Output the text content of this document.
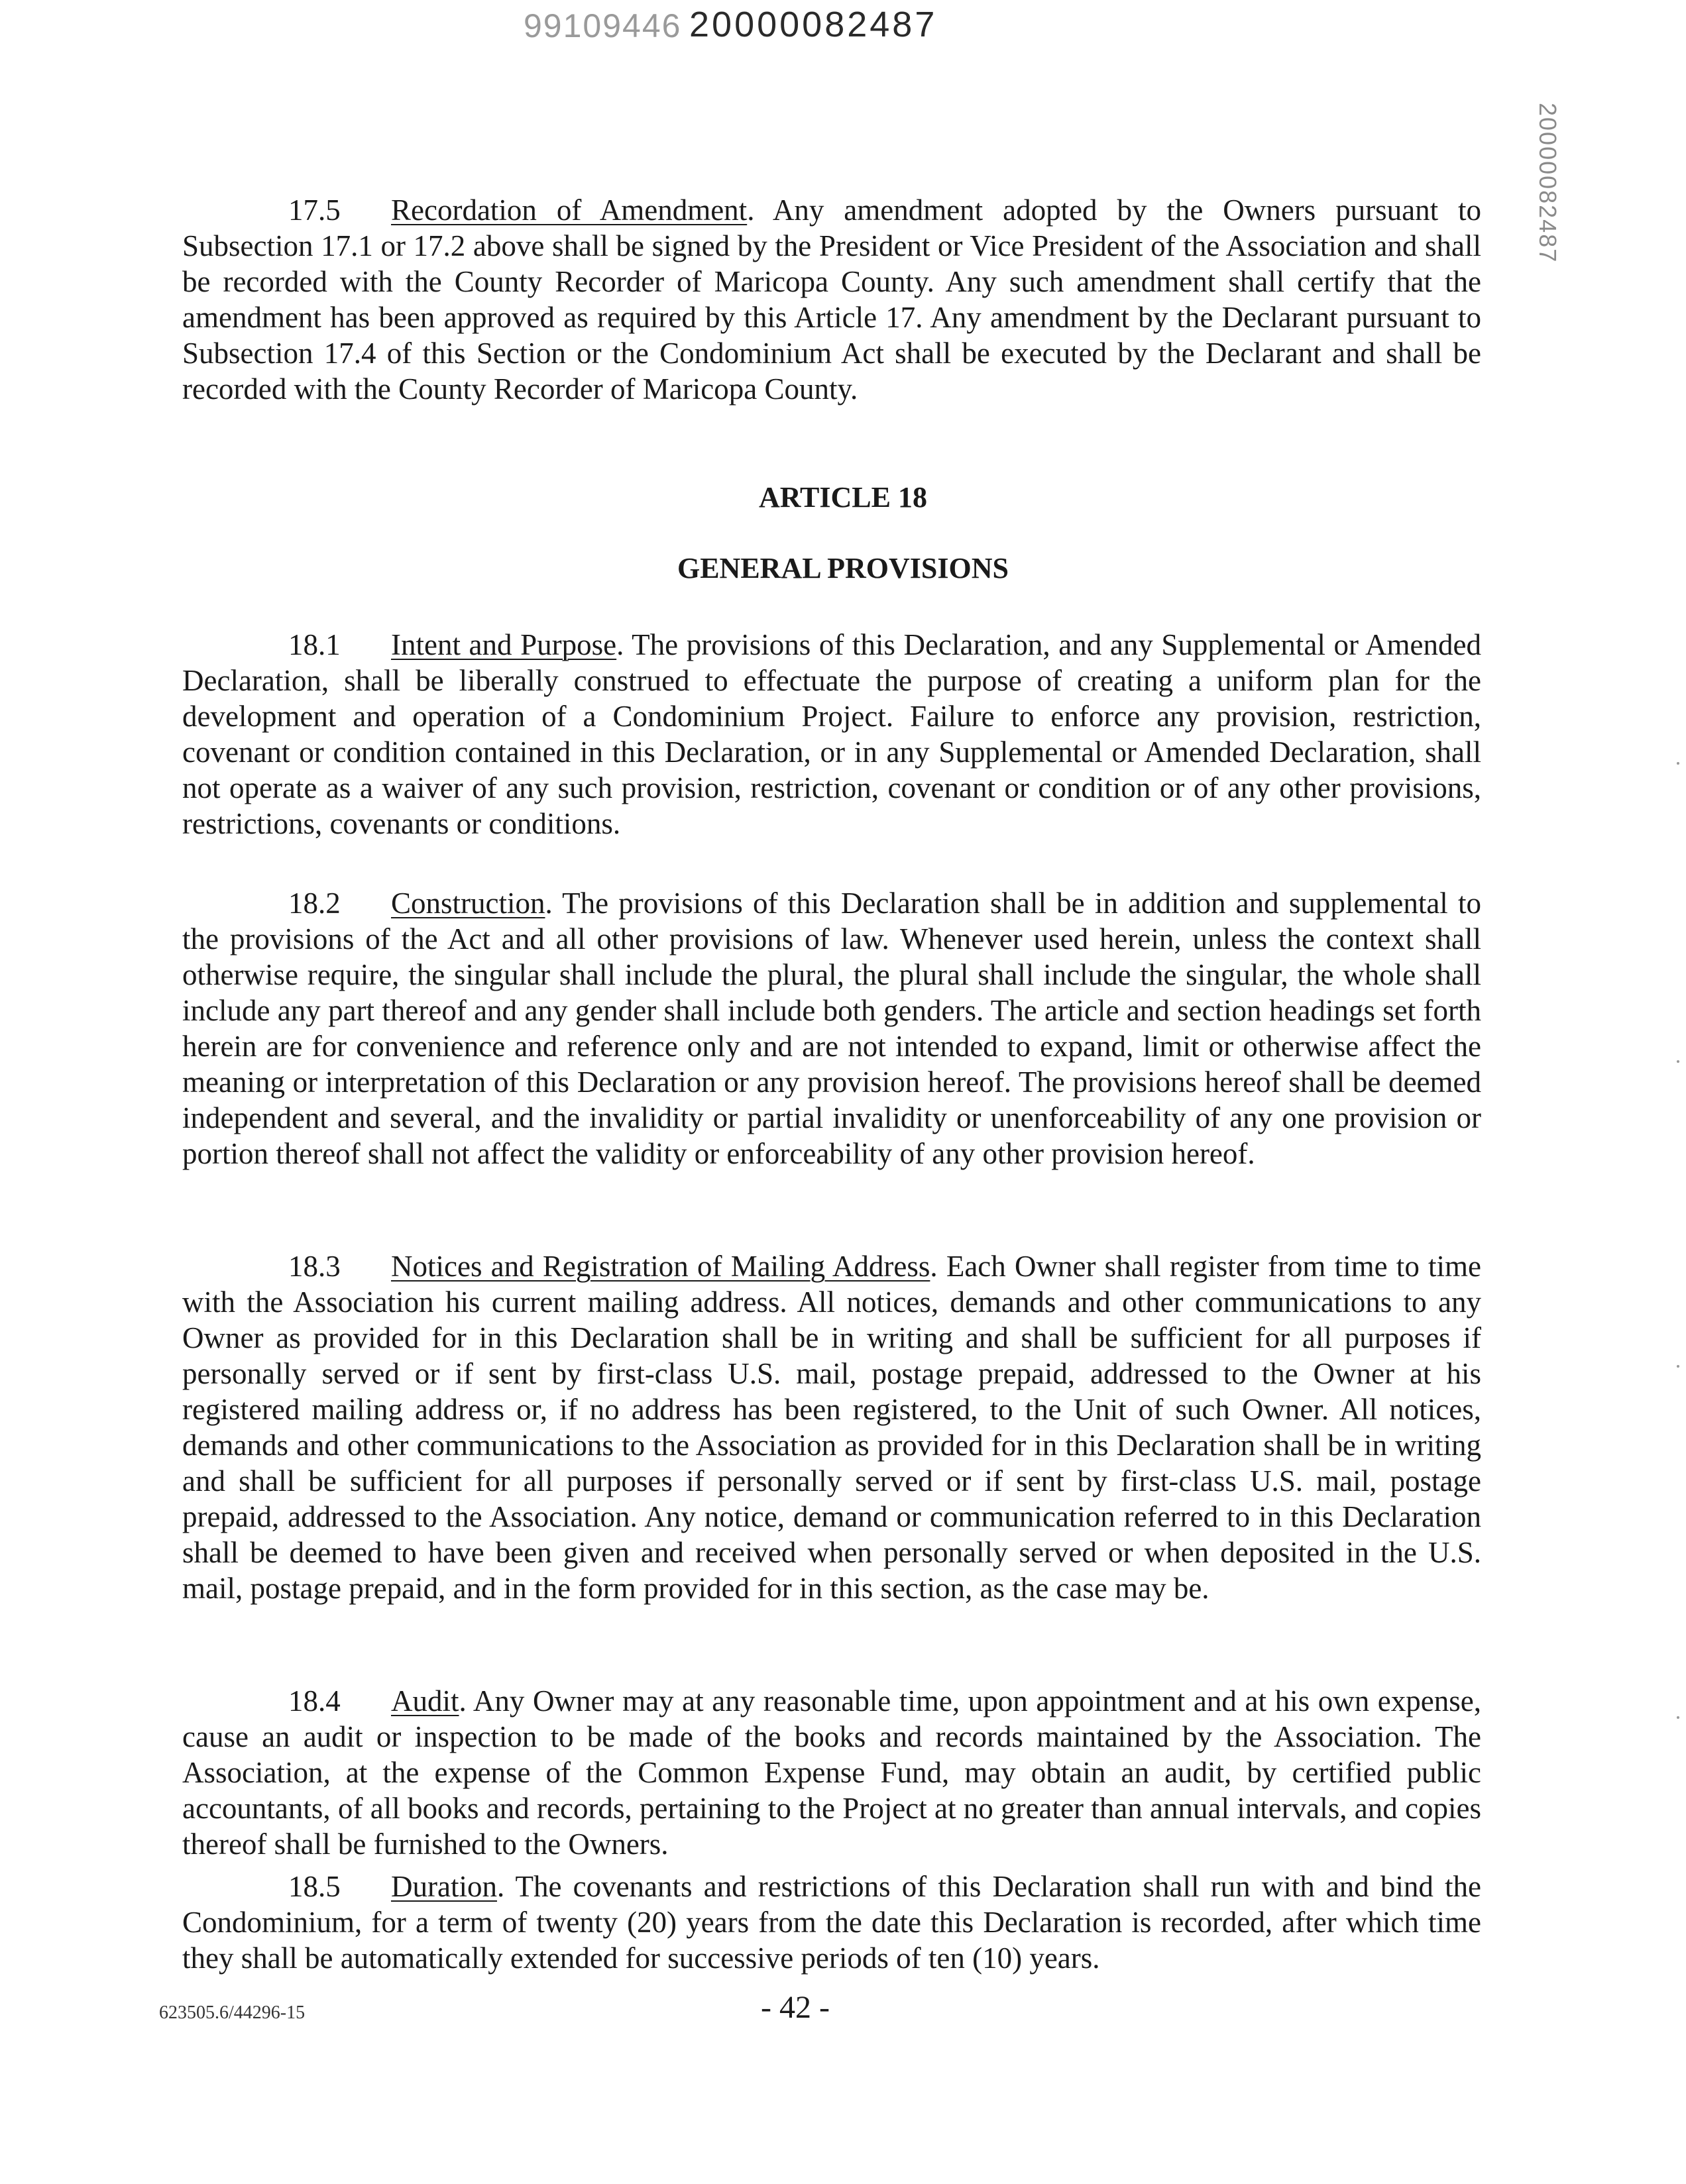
99109446 20000082487
20000082487

17.5 Recordation of Amendment. Any amendment adopted by the Owners pursuant to Subsection 17.1 or 17.2 above shall be signed by the President or Vice President of the Association and shall be recorded with the County Recorder of Maricopa County. Any such amendment shall certify that the amendment has been approved as required by this Article 17. Any amendment by the Declarant pursuant to Subsection 17.4 of this Section or the Condominium Act shall be executed by the Declarant and shall be recorded with the County Recorder of Maricopa County.

ARTICLE 18
GENERAL PROVISIONS

18.1 Intent and Purpose. The provisions of this Declaration, and any Supplemental or Amended Declaration, shall be liberally construed to effectuate the purpose of creating a uniform plan for the development and operation of a Condominium Project. Failure to enforce any provision, restriction, covenant or condition contained in this Declaration, or in any Supplemental or Amended Declaration, shall not operate as a waiver of any such provision, restriction, covenant or condition or of any other provisions, restrictions, covenants or conditions.

18.2 Construction. The provisions of this Declaration shall be in addition and supplemental to the provisions of the Act and all other provisions of law. Whenever used herein, unless the context shall otherwise require, the singular shall include the plural, the plural shall include the singular, the whole shall include any part thereof and any gender shall include both genders. The article and section headings set forth herein are for convenience and reference only and are not intended to expand, limit or otherwise affect the meaning or interpretation of this Declaration or any provision hereof. The provisions hereof shall be deemed independent and several, and the invalidity or partial invalidity or unenforceability of any one provision or portion thereof shall not affect the validity or enforceability of any other provision hereof.

18.3 Notices and Registration of Mailing Address. Each Owner shall register from time to time with the Association his current mailing address. All notices, demands and other communications to any Owner as provided for in this Declaration shall be in writing and shall be sufficient for all purposes if personally served or if sent by first-class U.S. mail, postage prepaid, addressed to the Owner at his registered mailing address or, if no address has been registered, to the Unit of such Owner. All notices, demands and other communications to the Association as provided for in this Declaration shall be in writing and shall be sufficient for all purposes if personally served or if sent by first-class U.S. mail, postage prepaid, addressed to the Association. Any notice, demand or communication referred to in this Declaration shall be deemed to have been given and received when personally served or when deposited in the U.S. mail, postage prepaid, and in the form provided for in this section, as the case may be.

18.4 Audit. Any Owner may at any reasonable time, upon appointment and at his own expense, cause an audit or inspection to be made of the books and records maintained by the Association. The Association, at the expense of the Common Expense Fund, may obtain an audit, by certified public accountants, of all books and records, pertaining to the Project at no greater than annual intervals, and copies thereof shall be furnished to the Owners.

18.5 Duration. The covenants and restrictions of this Declaration shall run with and bind the Condominium, for a term of twenty (20) years from the date this Declaration is recorded, after which time they shall be automatically extended for successive periods of ten (10) years.

623505.6/44296-15	- 42 -
